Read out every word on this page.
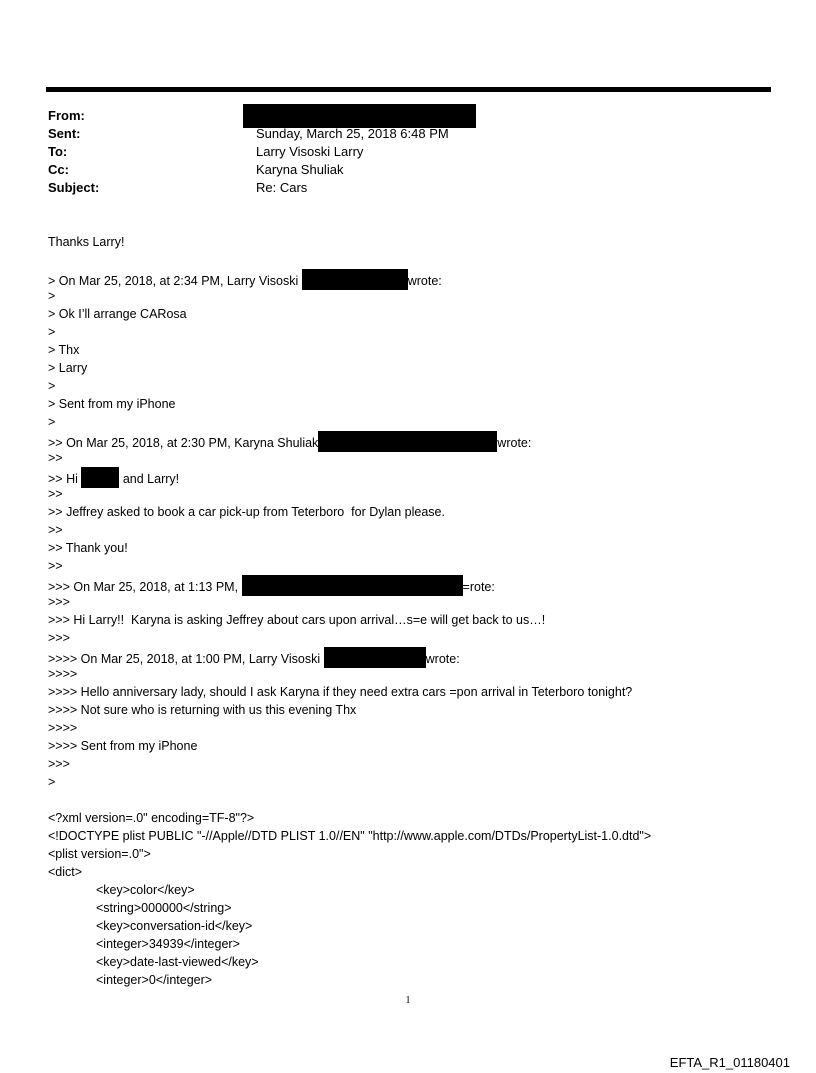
From:
Sent:	Sunday, March 25, 2018 6:48 PM
To:	Larry Visoski Larry
Cc:	Karyna Shuliak
Subject:	Re: Cars
Thanks Larry!
> On Mar 25, 2018, at 2:34 PM, Larry Visoski	wrote:
>
> Ok I’ll arrange CARosa
>
> Thx
> Larry
>
> Sent from my iPhone
>
>> On Mar 25, 2018, at 2:30 PM, Karyna Shuliak	wrote:
>>
>> Hi	and Larry!
>>
>> Jeffrey asked to book a car pick-up from Teterboro  for Dylan please.
>>
>> Thank you!
>>
>>> On Mar 25, 2018, at 1:13 PM,	=rote:
>>>
>>> Hi Larry!!  Karyna is asking Jeffrey about cars upon arrival…s=e will get back to us…!
>>>
>>>> On Mar 25, 2018, at 1:00 PM, Larry Visoski	wrote:
>>>>
>>>> Hello anniversary lady, should I ask Karyna if they need extra cars =pon arrival in Teterboro tonight?
>>>> Not sure who is returning with us this evening Thx
>>>>
>>>> Sent from my iPhone
>>>
>
<?xml version=.0" encoding=TF-8"?>
<!DOCTYPE plist PUBLIC "-//Apple//DTD PLIST 1.0//EN" "http://www.apple.com/DTDs/PropertyList-1.0.dtd">
<plist version=.0">
<dict>
<key>color</key>
<string>000000</string>
<key>conversation-id</key>
<integer>34939</integer>
<key>date-last-viewed</key>
<integer>0</integer>
1
EFTA_R1_01180401
